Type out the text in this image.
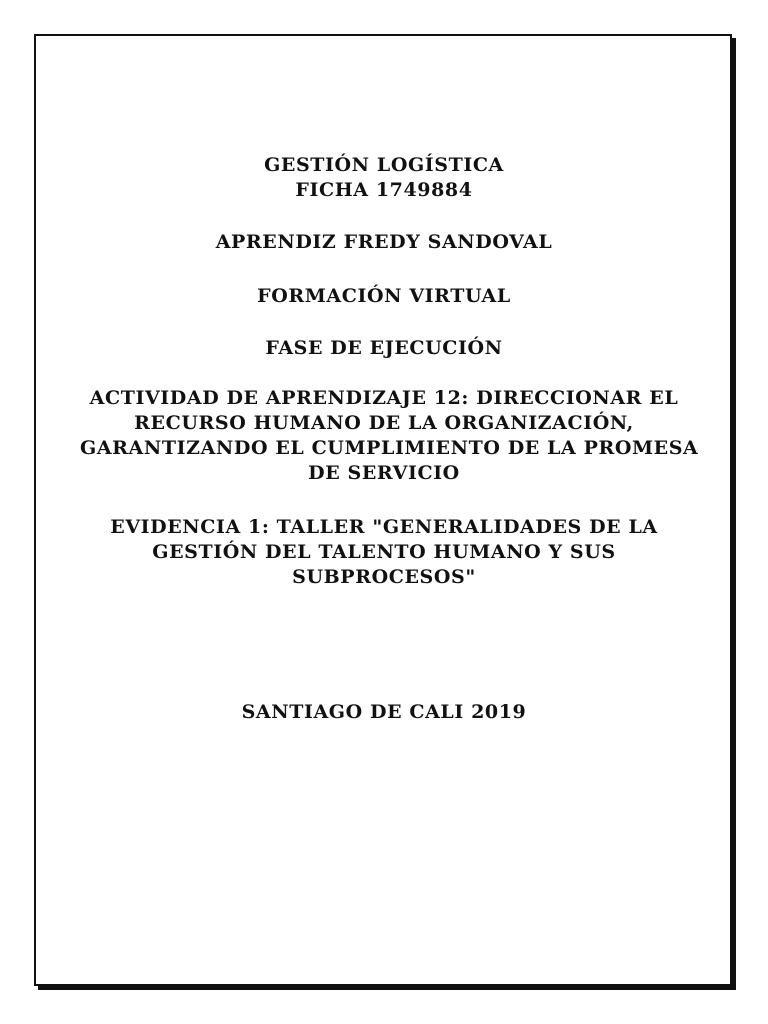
GESTIÓN LOGÍSTICA
FICHA 1749884
APRENDIZ FREDY SANDOVAL
FORMACIÓN VIRTUAL
FASE DE EJECUCIÓN
ACTIVIDAD DE APRENDIZAJE 12: DIRECCIONAR EL
RECURSO HUMANO DE LA ORGANIZACIÓN,
GARANTIZANDO EL CUMPLIMIENTO DE LA PROMESA
DE SERVICIO
EVIDENCIA 1: TALLER "GENERALIDADES DE LA
GESTIÓN DEL TALENTO HUMANO Y SUS
SUBPROCESOS"
SANTIAGO DE CALI 2019
